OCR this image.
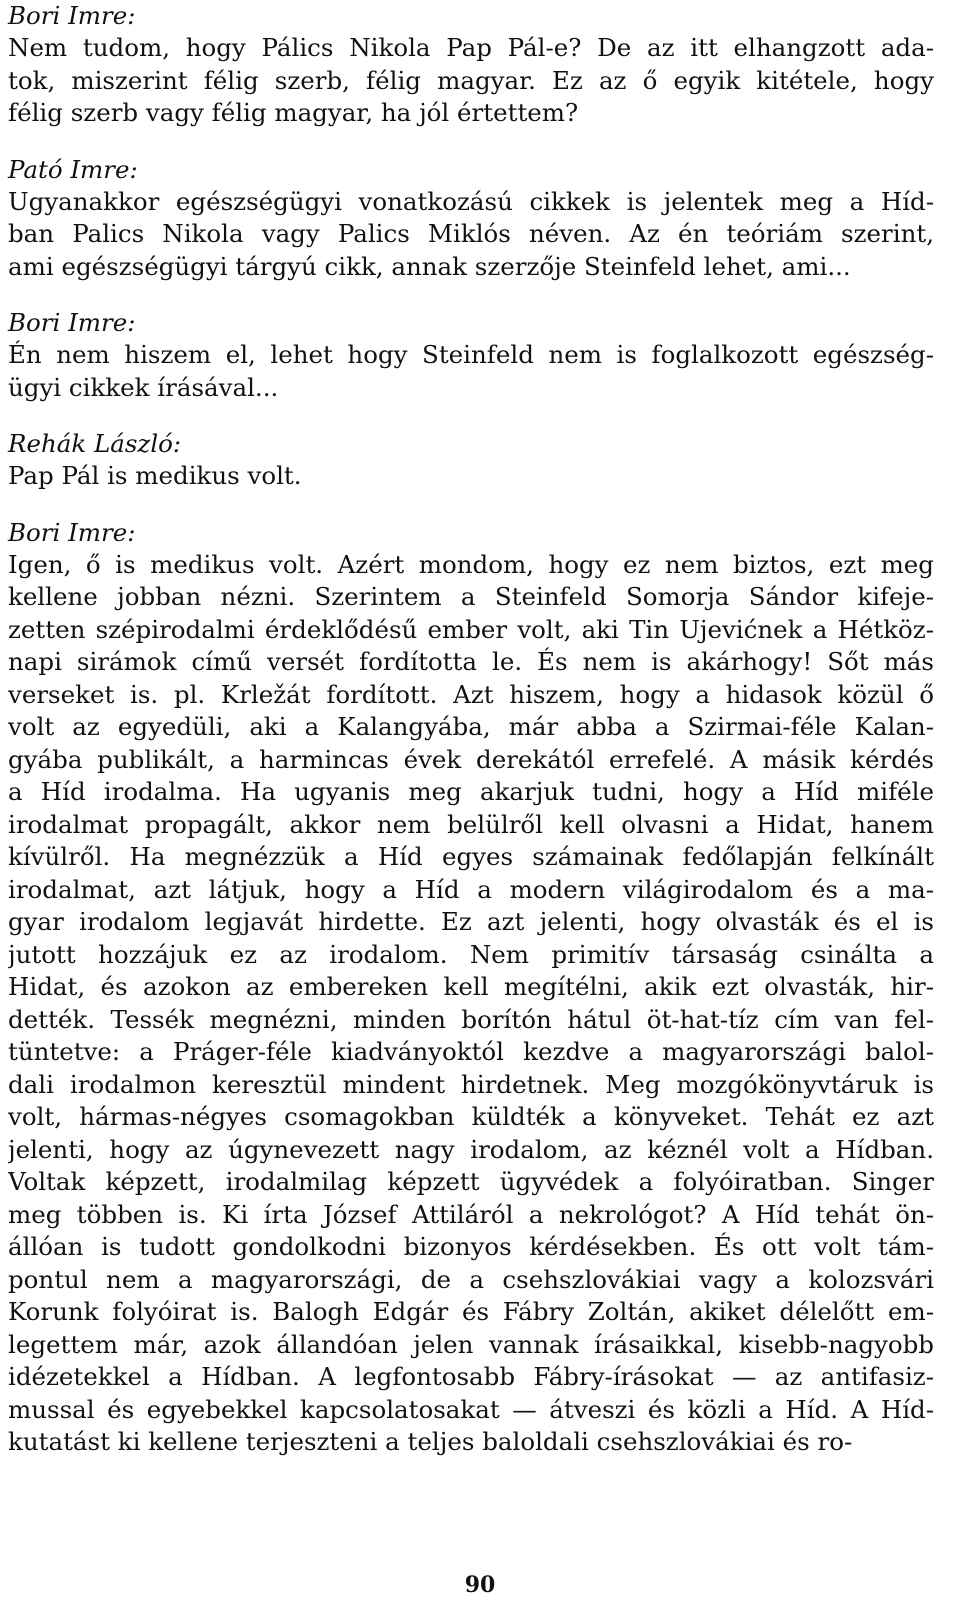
Bori Imre:

Nem tudom, hogy Pálics Nikola Pap Pál-e? De az itt elhangzott ada-
tok, miszerint félig szerb, félig magyar. Ez az ő egyik kitétele, hogy
félig szerb vagy félig magyar, ha jól értettem?

Pató Imre:

Ugyanakkor egészségügyi vonatkozású cikkek is jelentek meg a Híd-
ban Palics Nikola vagy Palics Miklós néven. Az én teóriám szerint,
ami egészségügyi tárgyú cikk, annak szerzője Steinfeld lehet, ami...

Bori Imre:

Én nem hiszem el, lehet hogy Steinfeld nem is foglalkozott egészség-
ügyi cikkek írásával...

Rehák László:

Pap Pál is medikus volt.

Bori Imre:

Igen, ő is medikus volt. Azért mondom, hogy ez nem biztos, ezt meg
kellene jobban nézni. Szerintem a Steinfeld Somorja Sándor kifeje-
zetten szépirodalmi érdeklődésű ember volt, aki Tin Ujevićnek a Hétköz-
napi sirámok című versét fordította le. És nem is akárhogy! Sőt más
verseket is. pl. Krležát fordított. Azt hiszem, hogy a hidasok közül ő
volt az egyedüli, aki a Kalangyába, már abba a Szirmai-féle Kalan-
gyába publikált, a harmincas évek derekától errefelé. A másik kérdés
a Híd irodalma. Ha ugyanis meg akarjuk tudni, hogy a Híd miféle
irodalmat propagált, akkor nem belülről kell olvasni a Hidat, hanem
kívülről. Ha megnézzük a Híd egyes számainak fedőlapján felkínált
irodalmat, azt látjuk, hogy a Híd a modern világirodalom és a ma-
gyar irodalom legjavát hirdette. Ez azt jelenti, hogy olvasták és el is
jutott hozzájuk ez az irodalom. Nem primitív társaság csinálta a
Hidat, és azokon az embereken kell megítélni, akik ezt olvasták, hir-
dették. Tessék megnézni, minden borítón hátul öt-hat-tíz cím van fel-
tüntetve: a Práger-féle kiadványoktól kezdve a magyarországi balol-
dali irodalmon keresztül mindent hirdetnek. Meg mozgókönyvtáruk is
volt, hármas-négyes csomagokban küldték a könyveket. Tehát ez azt
jelenti, hogy az úgynevezett nagy irodalom, az kéznél volt a Hídban.
Voltak képzett, irodalmilag képzett ügyvédek a folyóiratban. Singer
meg többen is. Ki írta József Attiláról a nekrológot? A Híd tehát ön-
állóan is tudott gondolkodni bizonyos kérdésekben. És ott volt tám-
pontul nem a magyarországi, de a csehszlovákiai vagy a kolozsvári
Korunk folyóirat is. Balogh Edgár és Fábry Zoltán, akiket délelőtt em-
legettem már, azok állandóan jelen vannak írásaikkal, kisebb-nagyobb
idézetekkel a Hídban. A legfontosabb Fábry-írásokat — az antifasiz-
mussal és egyebekkel kapcsolatosakat — átveszi és közli a Híd. A Híd-
kutatást ki kellene terjeszteni a teljes baloldali csehszlovákiai és ro-
90
